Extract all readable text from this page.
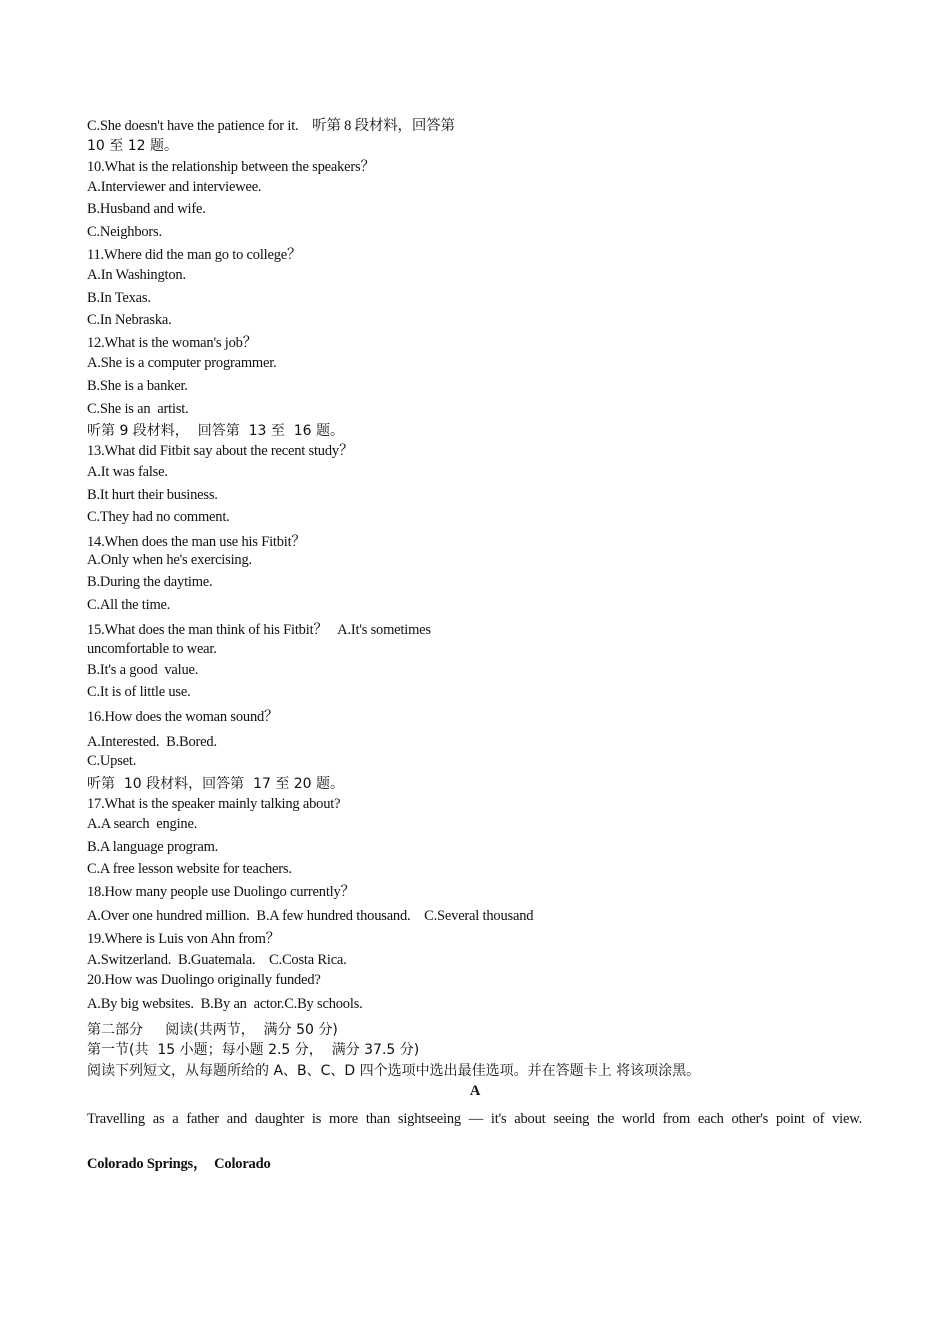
C.She doesn't have the patience for it.    听第 8 段材料，回答第
10 至 12 题。
10.What is the relationship between the speakers？
A.Interviewer and interviewee.
B.Husband and wife.
C.Neighbors.
11.Where did the man go to college？
A.In Washington.
B.In Texas.
C.In Nebraska.
12.What is the woman's job？
A.She is a computer programmer.
B.She is a banker.
C.She is an  artist.
听第 9 段材料，  回答第  13 至  16 题。
13.What did Fitbit say about the recent study？
A.It was false.
B.It hurt their business.
C.They had no comment.
14.When does the man use his Fitbit？
A.Only when he's exercising.
B.During the daytime.
C.All the time.
15.What does the man think of his Fitbit？   A.It's sometimes
uncomfortable to wear.
B.It's a good  value.
C.It is of little use.
16.How does the woman sound？
A.Interested.  B.Bored.
C.Upset.
听第  10 段材料，回答第  17 至 20 题。
17.What is the speaker mainly talking about?
A.A search  engine.
B.A language program.
C.A free lesson website for teachers.
18.How many people use Duolingo currently？
A.Over one hundred million.  B.A few hundred thousand.    C.Several thousand
19.Where is Luis von Ahn from？
A.Switzerland.  B.Guatemala.    C.Costa Rica.
20.How was Duolingo originally funded?
A.By big websites.  B.By an  actor.C.By schools.
第二部分     阅读(共两节，  满分 50 分)
第一节(共  15 小题；每小题 2.5 分，  满分 37.5 分)
阅读下列短文，从每题所给的 A、B、C、D 四个选项中选出最佳选项。并在答题卡上 将该项涂黑。
A
Travelling as a father and daughter is more than sightseeing — it's about seeing the world from each other's point of view.
Colorado Springs，  Colorado
